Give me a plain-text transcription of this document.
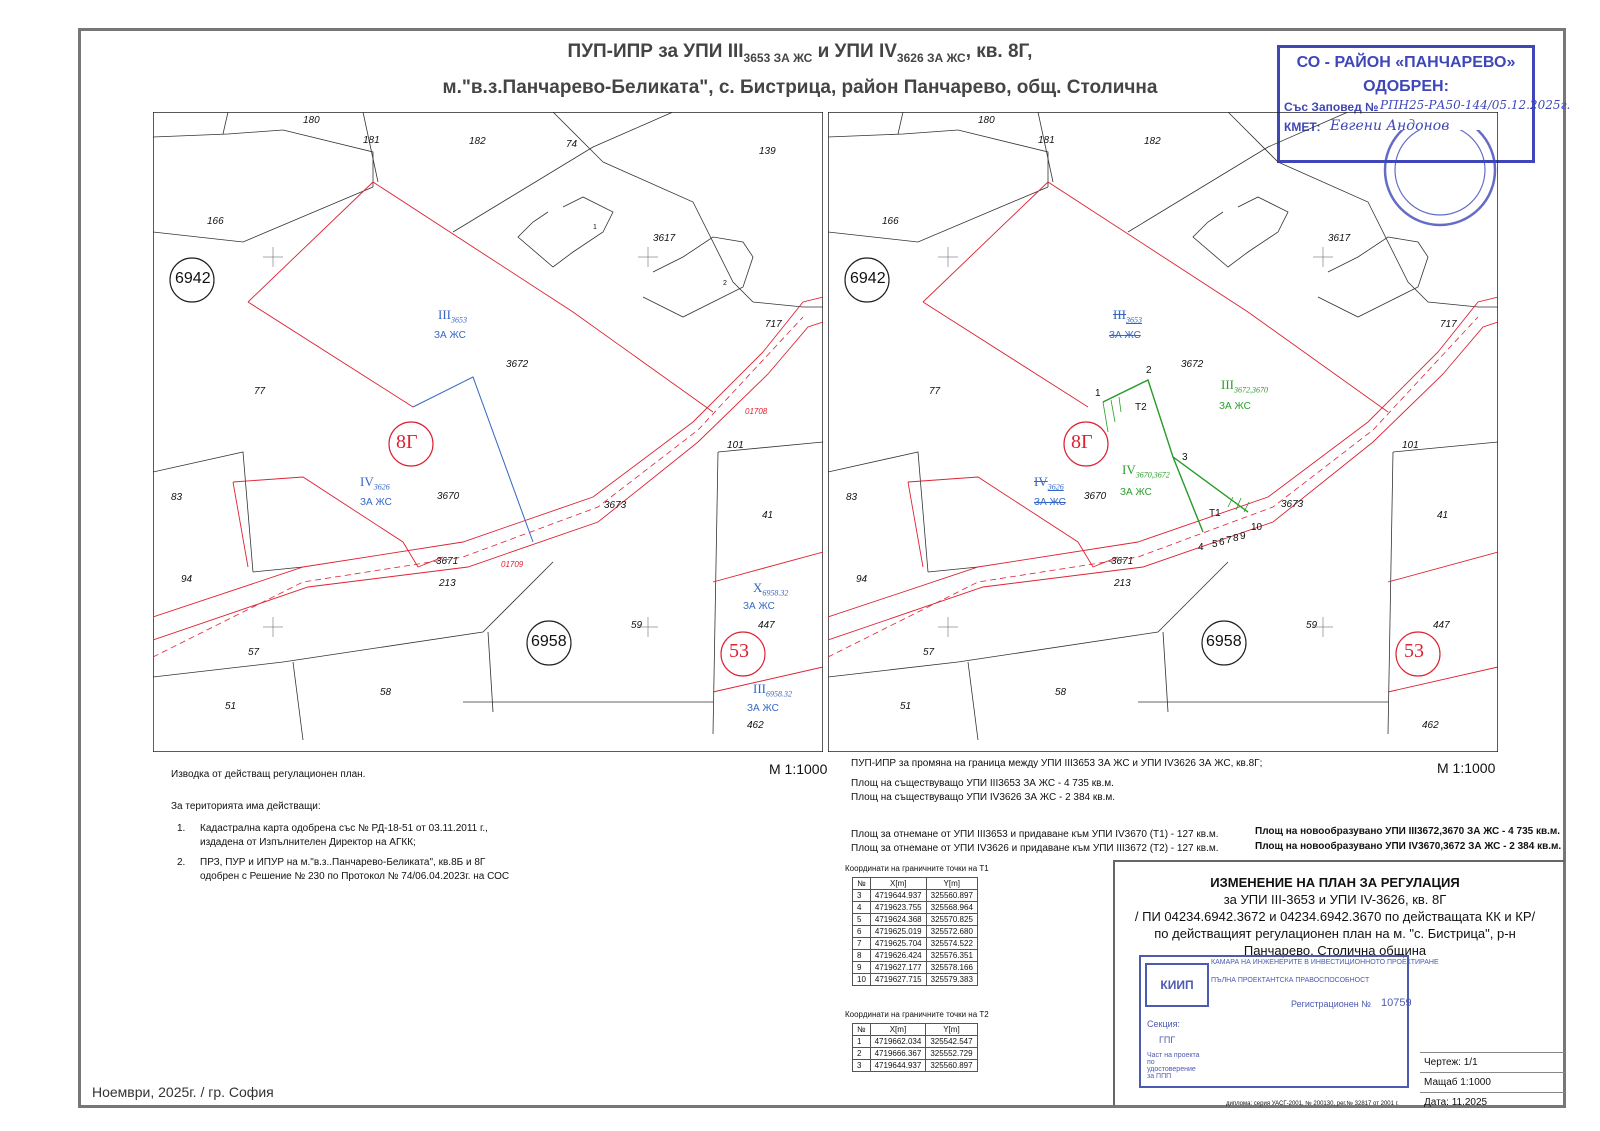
ПУП-ИПР за УПИ $III_{3653 ЗА ЖС}$ и УПИ $IV_{3626 ЗА ЖС}$, кв. 8Г,
м."в.з.Панчарево-Беликата", с. Бистрица, район Панчарево, общ. Столична
СО - РАЙОН «ПАНЧАРЕВО»
ОДОБРЕН:
Със Заповед № РПН25-РА50-144/05.12.2025г.
КМЕТ: Евгени Андонов
180
181	182	74
139
166
3617
1
2
717
3672
77
01708
101
83	3670
3673
41
94
3671
213
01709
59	447
57
58
51
462
6942
6958
8Г
53
$III_{3653}$
ЗА ЖС
$IV_{3626}$
ЗА ЖС
$X_{6958.32}$
ЗА ЖС
$III_{6958.32}$
ЗА ЖС
М 1:1000
180
181	182
166
3617
717
3672
77
101
83	3670
3673
41
94
3671
213
59	447
57
58
51
462
6942
6958
8Г
53
$III_{3653}$
ЗА ЖС
$IV_{3626}$
ЗА ЖС
$III_{3672,3670}$
ЗА ЖС
$IV_{3670,3672}$
ЗА ЖС
Т2
Т1
1
2
3
4 5 6 7 8 9
10
М 1:1000
Изводка от действащ регулационен план.
За територията има действащи:
1. Кадастрална карта одобрена със № РД-18-51 от 03.11.2011 г.,
издадена от Изпълнителен Директор на АГКК;
2. ПРЗ, ПУР и ИПУР на м."в.з..Панчарево-Беликата", кв.8Б и 8Г
одобрен с Решение № 230 по Протокол № 74/06.04.2023г. на СОС
ПУП-ИПР за промяна на граница между УПИ III3653 ЗА ЖС и УПИ IV3626 ЗА ЖС, кв.8Г;
Площ на съществуващо УПИ III3653 ЗА ЖС - 4 735 кв.м.
Площ на съществуващо УПИ IV3626 ЗА ЖС - 2 384 кв.м.
Площ за отнемане от УПИ III3653 и придаване към УПИ IV3670 (Т1) - 127 кв.м.
Площ за отнемане от УПИ IV3626 и придаване към УПИ III3672 (Т2) - 127 кв.м.
Площ на новообразувано УПИ III3672,3670 ЗА ЖС - 4 735 кв.м.
Площ на новообразувано УПИ IV3670,3672 ЗА ЖС - 2 384 кв.м.
Координати на граничните точки на Т1
№	X[m]	Y[m]
3	4719644.937	325560.897
4	4719623.755	325568.964
5	4719624.368	325570.825
6	4719625.019	325572.680
7	4719625.704	325574.522
8	4719626.424	325576.351
9	4719627.177	325578.166
10	4719627.715	325579.383
Координати на граничните точки на Т2
№	X[m]	Y[m]
1	4719662.034	325542.547
2	4719666.367	325552.729
3	4719644.937	325560.897
ИЗМЕНЕНИЕ НА ПЛАН ЗА РЕГУЛАЦИЯ
за УПИ III-3653 и УПИ IV-3626, кв. 8Г
/ ПИ 04234.6942.3672 и 04234.6942.3670 по действащата КК и КР/
по действащият регулационен план на м. "с. Бистрица", р-н
Панчарево, Столична община
Чертеж: 1/1
Мащаб 1:1000
Дата: 11.2025
КИИП
КАМАРА НА ИНЖЕНЕРИТЕ В ИНВЕСТИЦИОННОТО ПРОЕКТИРАНЕ
ПЪЛНА ПРОЕКТАНТСКА ПРАВОСПОСОБНОСТ
Регистрационен № 10759
Секция:
ГПГ
Част на проекта по удостоверение за ППП
диплома: серия УАСГ-2001, № 200130, рег.№ 32817 от 2001 г.
Ноември, 2025г. / гр. София
